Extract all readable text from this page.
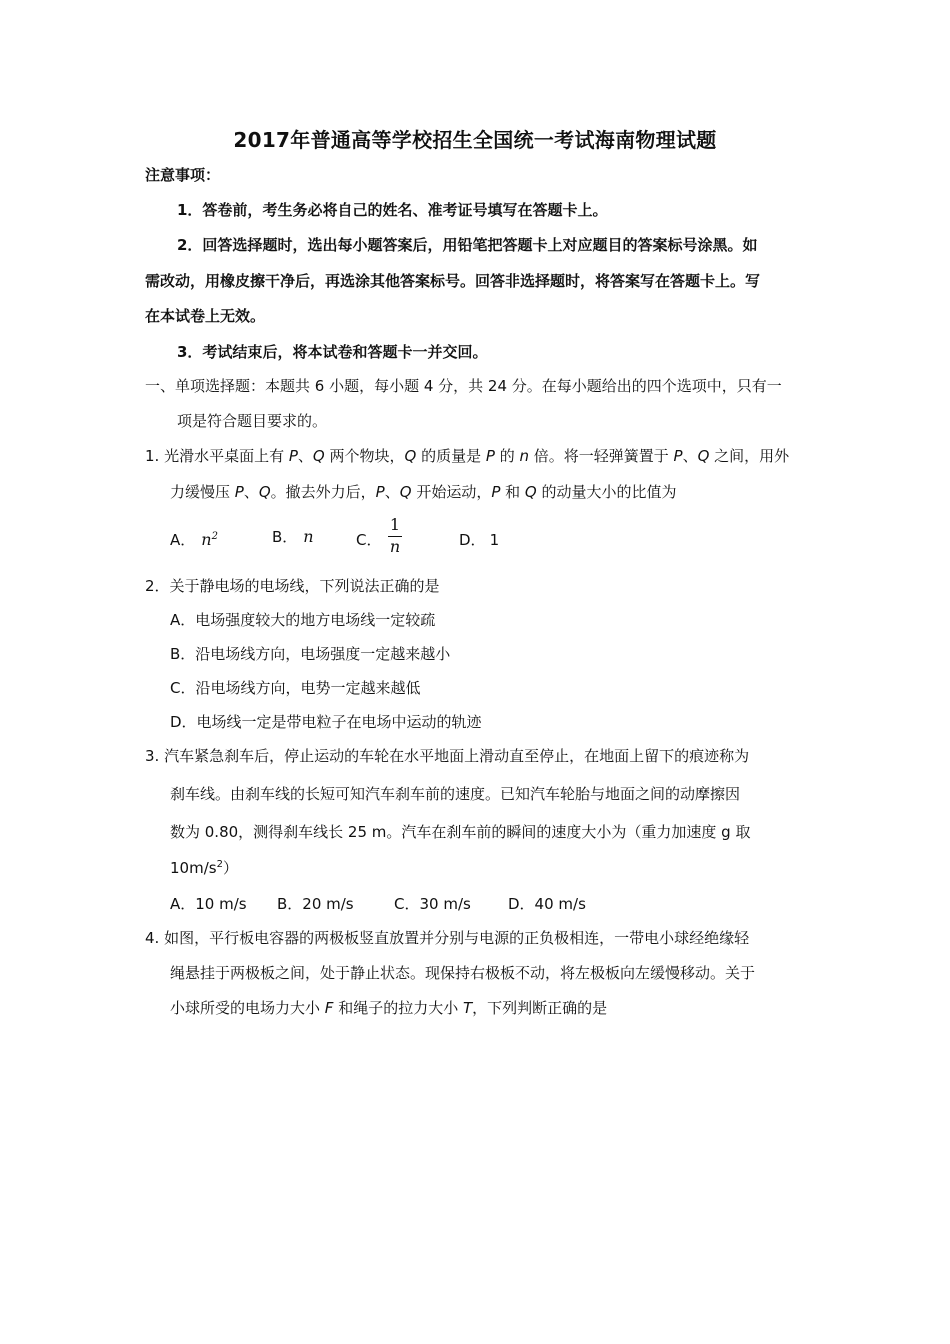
2017年普通高等学校招生全国统一考试海南物理试题
注意事项：
1．答卷前，考生务必将自己的姓名、准考证号填写在答题卡上。
2．回答选择题时，选出每小题答案后，用铅笔把答题卡上对应题目的答案标号涂黑。如
需改动，用橡皮擦干净后，再选涂其他答案标号。回答非选择题时，将答案写在答题卡上。写
在本试卷上无效。
3．考试结束后，将本试卷和答题卡一并交回。
一、单项选择题：本题共 6 小题，每小题 4 分，共 24 分。在每小题给出的四个选项中，只有一
项是符合题目要求的。
1. 光滑水平桌面上有 P、Q 两个物块，Q 的质量是 P 的 n 倍。将一轻弹簧置于 P、Q 之间，用外
力缓慢压 P、Q。撤去外力后，P、Q 开始运动，P 和 Q 的动量大小的比值为
A． $n^2$	B． n	C．
1
n	D． 1
2．关于静电场的电场线，下列说法正确的是
A．电场强度较大的地方电场线一定较疏
B．沿电场线方向，电场强度一定越来越小
C．沿电场线方向，电势一定越来越低
D．电场线一定是带电粒子在电场中运动的轨迹
3. 汽车紧急刹车后，停止运动的车轮在水平地面上滑动直至停止，在地面上留下的痕迹称为
刹车线。由刹车线的长短可知汽车刹车前的速度。已知汽车轮胎与地面之间的动摩擦因
数为 0.80，测得刹车线长 25 m。汽车在刹车前的瞬间的速度大小为（重力加速度 g 取
$10m/s^2$）
A．10 m/s B．20 m/s	C．30 m/s D．40 m/s
4. 如图，平行板电容器的两极板竖直放置并分别与电源的正负极相连，一带电小球经绝缘轻
绳悬挂于两极板之间，处于静止状态。现保持右极板不动，将左极板向左缓慢移动。关于
小球所受的电场力大小 F 和绳子的拉力大小 T，下列判断正确的是
